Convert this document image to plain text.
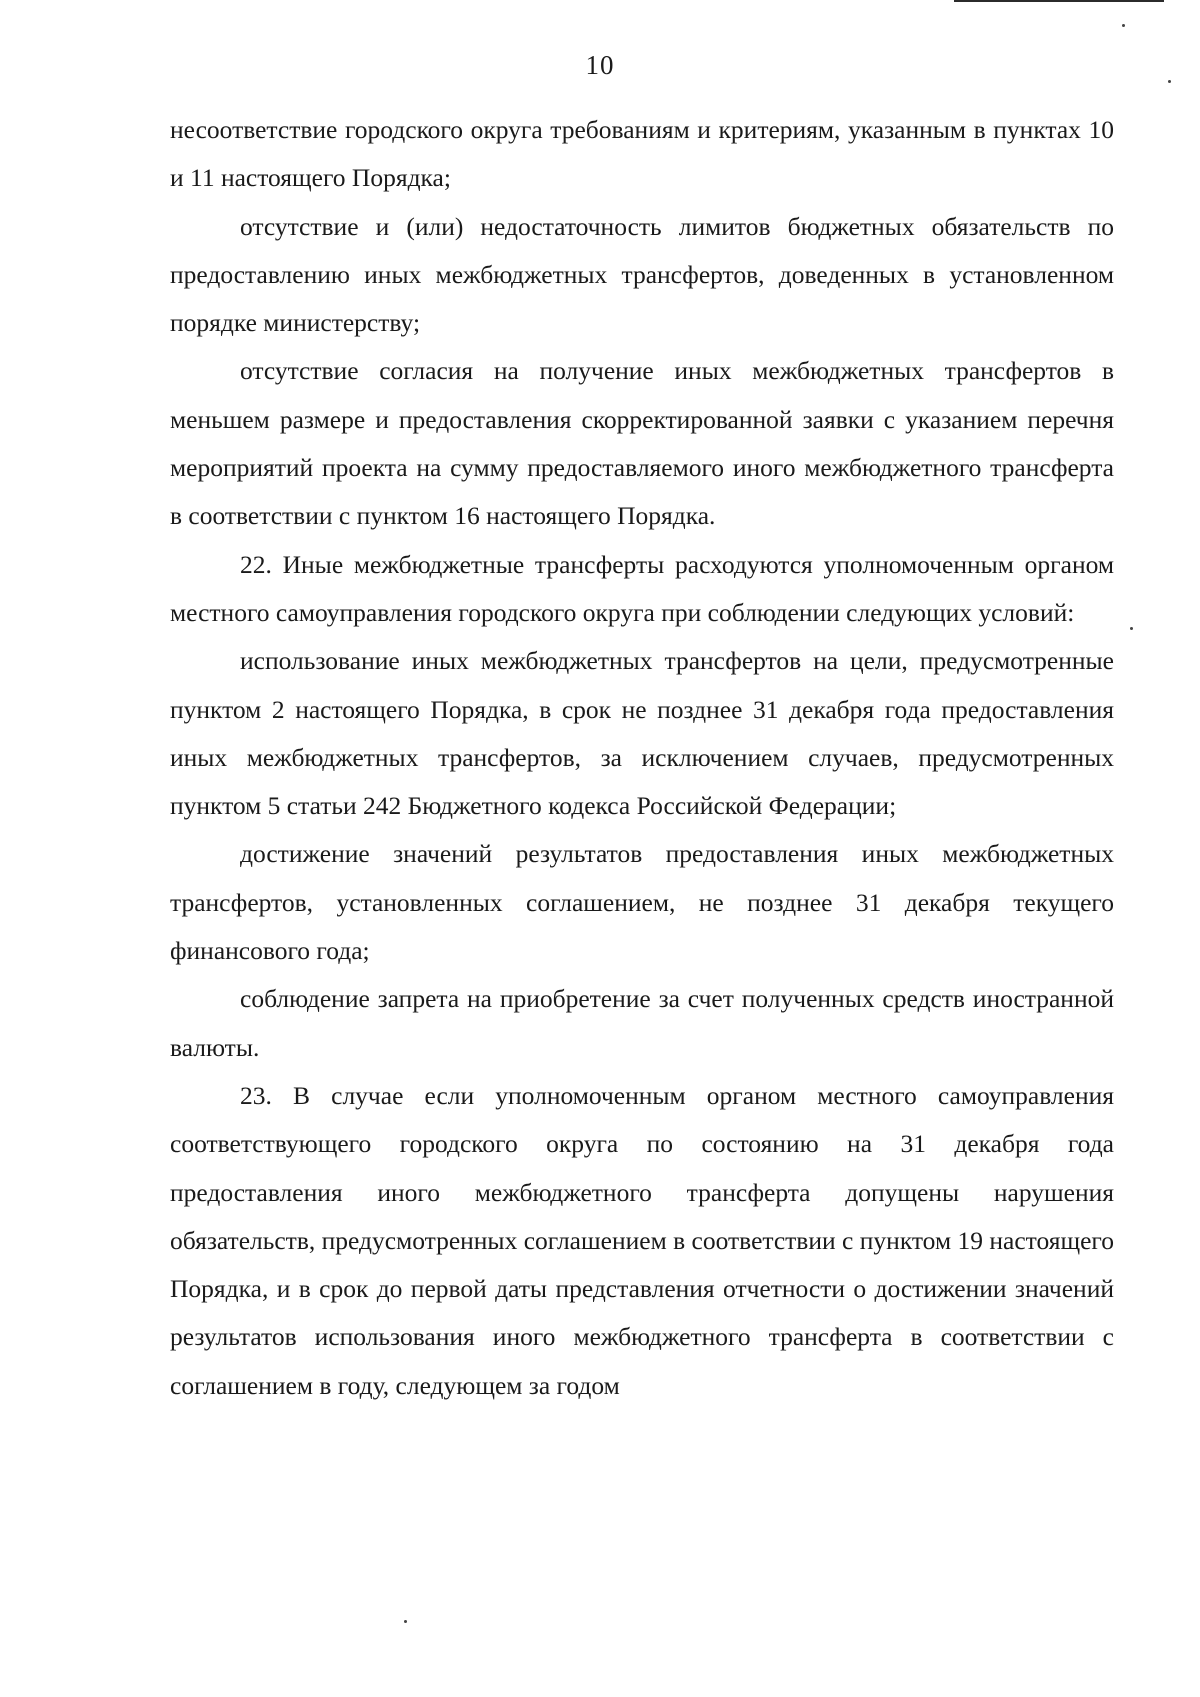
10

несоответствие городского округа требованиям и критериям, указанным в пунктах 10 и 11 настоящего Порядка;

отсутствие и (или) недостаточность лимитов бюджетных обязательств по предоставлению иных межбюджетных трансфертов, доведенных в установленном порядке министерству;

отсутствие согласия на получение иных межбюджетных трансфертов в меньшем размере и предоставления скорректированной заявки с указанием перечня мероприятий проекта на сумму предоставляемого иного межбюджетного трансферта в соответствии с пунктом 16 настоящего Порядка.

22. Иные межбюджетные трансферты расходуются уполномоченным органом местного самоуправления городского округа при соблюдении следующих условий:

использование иных межбюджетных трансфертов на цели, предусмотренные пунктом 2 настоящего Порядка, в срок не позднее 31 декабря года предоставления иных межбюджетных трансфертов, за исключением случаев, предусмотренных пунктом 5 статьи 242 Бюджетного кодекса Российской Федерации;

достижение значений результатов предоставления иных межбюджетных трансфертов, установленных соглашением, не позднее 31 декабря текущего финансового года;

соблюдение запрета на приобретение за счет полученных средств иностранной валюты.

23. В случае если уполномоченным органом местного самоуправления соответствующего городского округа по состоянию на 31 декабря года предоставления иного межбюджетного трансферта допущены нарушения обязательств, предусмотренных соглашением в соответствии с пунктом 19 настоящего Порядка, и в срок до первой даты представления отчетности о достижении значений результатов использования иного межбюджетного трансферта в соответствии с соглашением в году, следующем за годом
